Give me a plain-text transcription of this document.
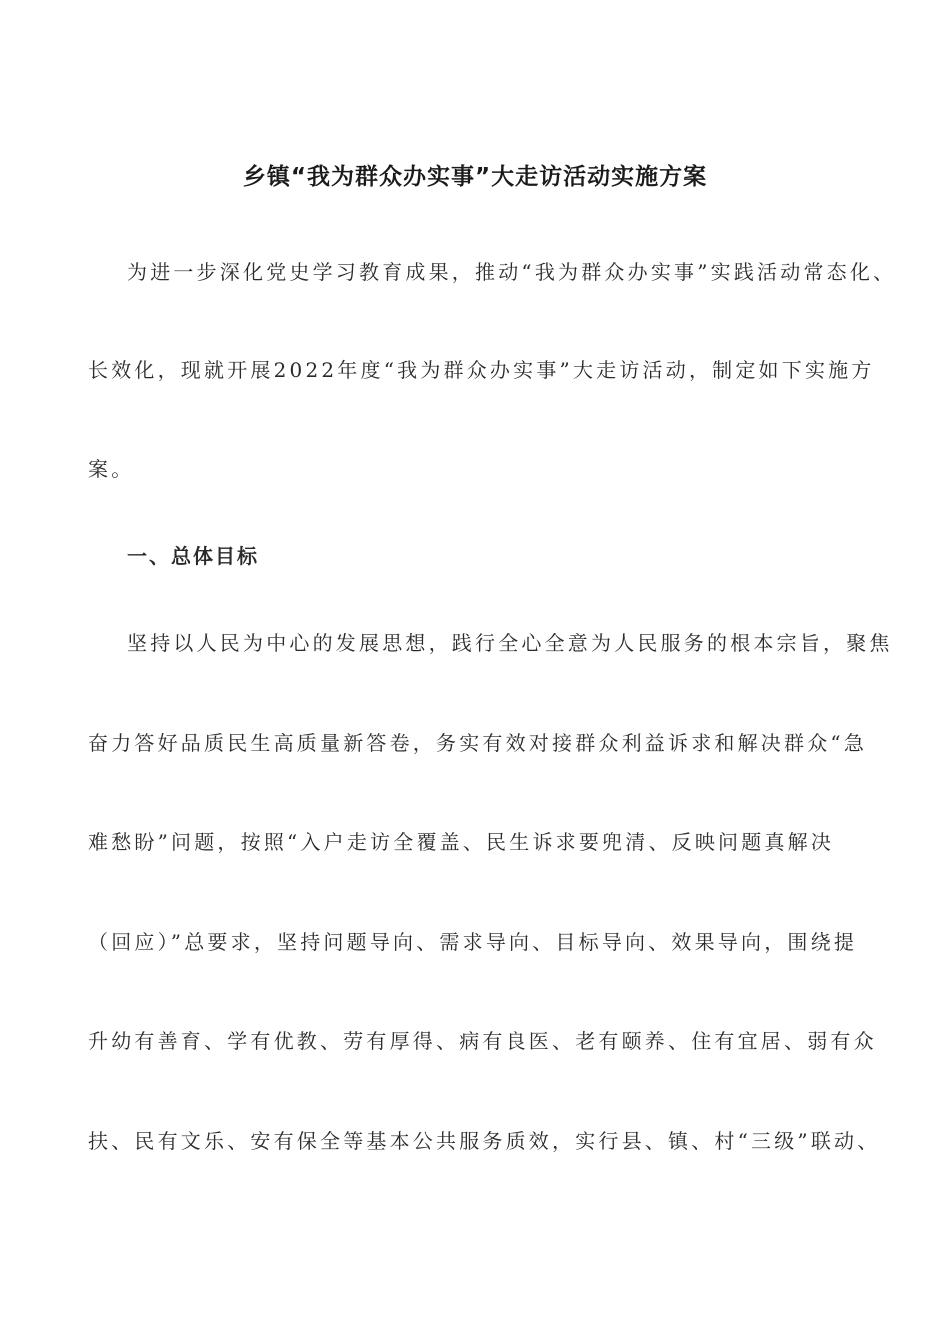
乡镇“我为群众办实事”大走访活动实施方案
为进一步深化党史学习教育成果，推动“我为群众办实事”实践活动常态化、
长效化，现就开展2022年度“我为群众办实事”大走访活动，制定如下实施方
案。
一、总体目标
坚持以人民为中心的发展思想，践行全心全意为人民服务的根本宗旨，聚焦
奋力答好品质民生高质量新答卷，务实有效对接群众利益诉求和解决群众“急
难愁盼”问题，按照“入户走访全覆盖、民生诉求要兜清、反映问题真解决
（回应）”总要求，坚持问题导向、需求导向、目标导向、效果导向，围绕提
升幼有善育、学有优教、劳有厚得、病有良医、老有颐养、住有宜居、弱有众
扶、民有文乐、安有保全等基本公共服务质效，实行县、镇、村“三级”联动、
